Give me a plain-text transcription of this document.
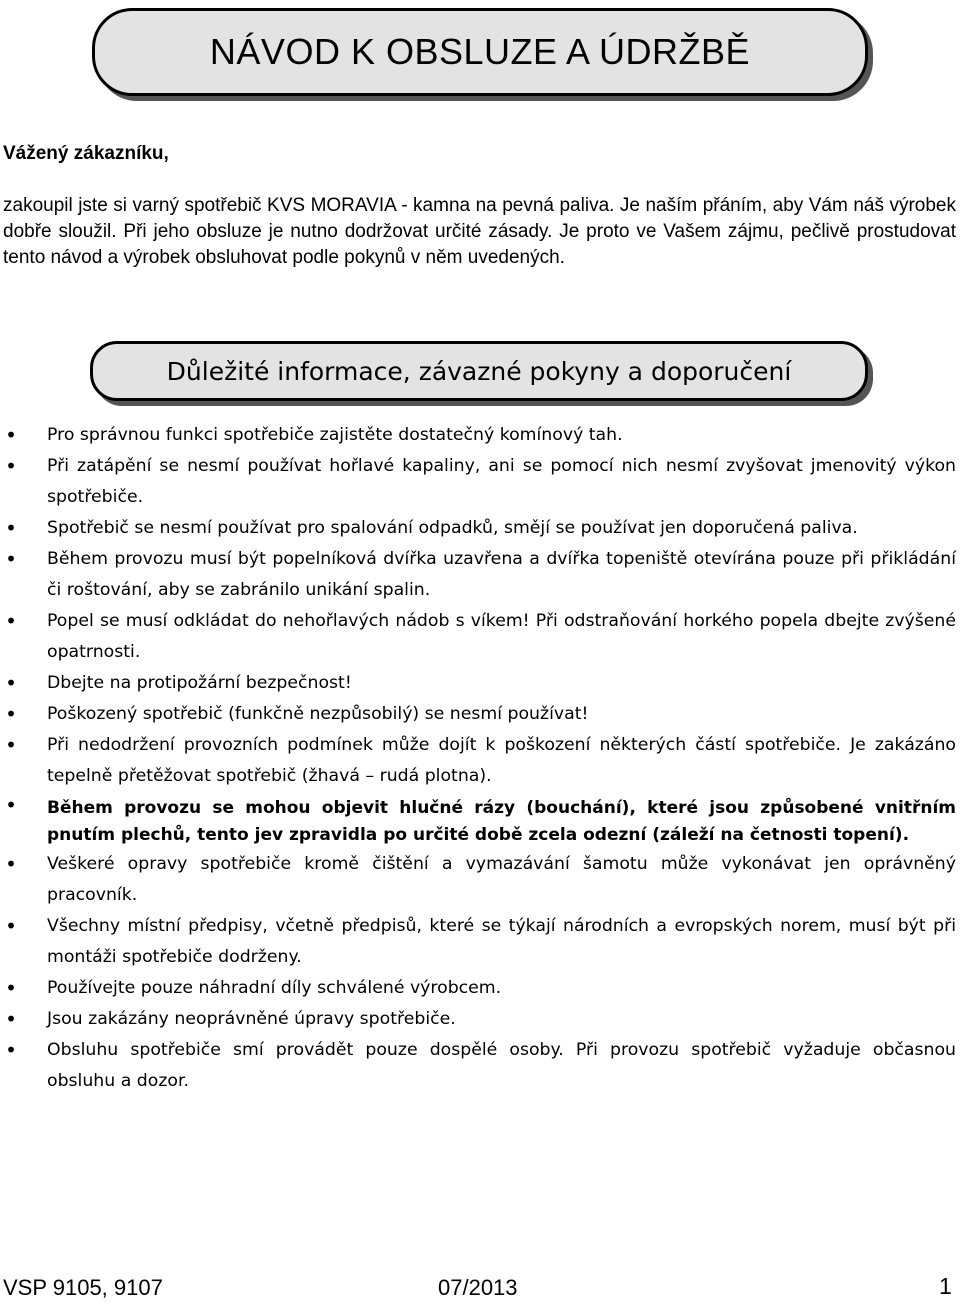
NÁVOD K OBSLUZE A ÚDRŽBĚ

Vážený zákazníku,

zakoupil jste si varný spotřebič KVS MORAVIA - kamna na pevná paliva. Je naším přáním, aby Vám náš výrobek dobře sloužil. Při jeho obsluze je nutno dodržovat určité zásady. Je proto ve Vašem zájmu, pečlivě prostudovat tento návod a výrobek obsluhovat podle pokynů v něm uvedených.

Důležité informace, závazné pokyny a doporučení
• Pro správnou funkci spotřebiče zajistěte dostatečný komínový tah.
• Při zatápění se nesmí používat hořlavé kapaliny, ani se pomocí nich nesmí zvyšovat jmenovitý výkon spotřebiče.
• Spotřebič se nesmí používat pro spalování odpadků, smějí se používat jen doporučená paliva.
• Během provozu musí být popelníková dvířka uzavřena a dvířka topeniště otevírána pouze při přikládání či roštování, aby se zabránilo unikání spalin.
• Popel se musí odkládat do nehořlavých nádob s víkem! Při odstraňování horkého popela dbejte zvýšené opatrnosti.
• Dbejte na protipožární bezpečnost!
• Poškozený spotřebič (funkčně nezpůsobilý) se nesmí používat!
• Při nedodržení provozních podmínek může dojít k poškození některých částí spotřebiče. Je zakázáno tepelně přetěžovat spotřebič (žhavá – rudá plotna).
• Během provozu se mohou objevit hlučné rázy (bouchání), které jsou způsobené vnitřním pnutím plechů, tento jev zpravidla po určité době zcela odezní (záleží na četnosti topení).
• Veškeré opravy spotřebiče kromě čištění a vymazávání šamotu může vykonávat jen oprávněný pracovník.
• Všechny místní předpisy, včetně předpisů, které se týkají národních a evropských norem, musí být při montáži spotřebiče dodrženy.
• Používejte pouze náhradní díly schválené výrobcem.
• Jsou zakázány neoprávněné úpravy spotřebiče.
• Obsluhu spotřebiče smí provádět pouze dospělé osoby. Při provozu spotřebič vyžaduje občasnou obsluhu a dozor.

VSP 9105, 9107	07/2013	1
